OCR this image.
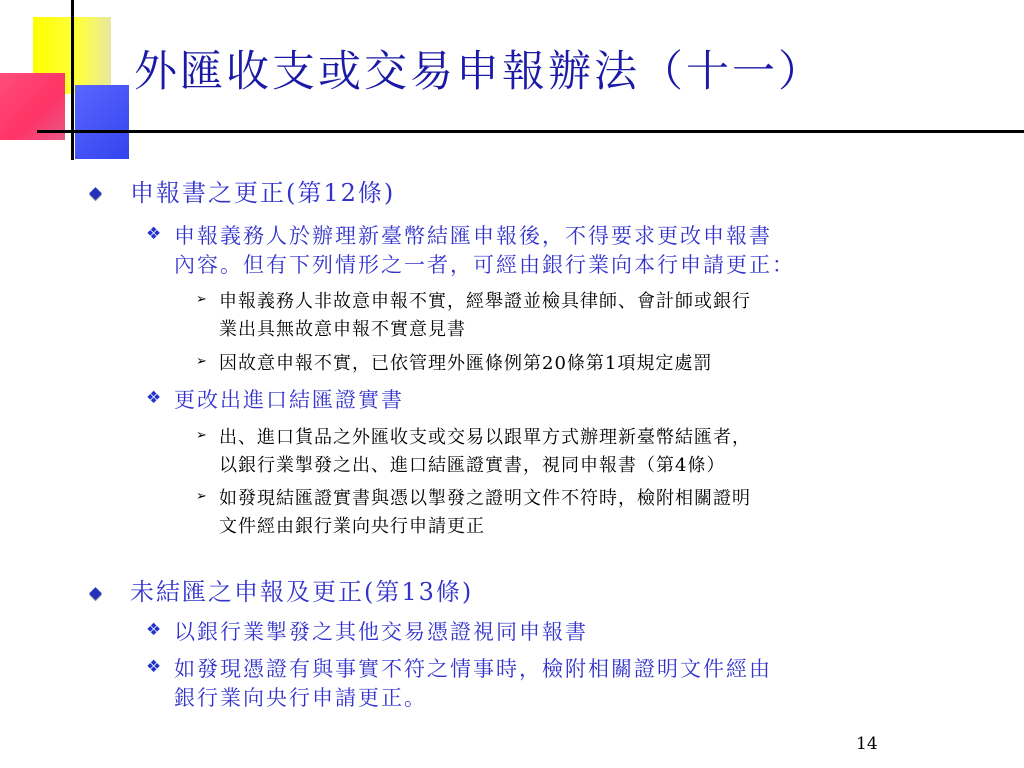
外匯收支或交易申報辦法（十一）

申報書之更正(第12條)

❖ 申報義務人於辦理新臺幣結匯申報後，不得要求更改申報書

內容。但有下列情形之一者，可經由銀行業向本行申請更正：

➢ 申報義務人非故意申報不實，經舉證並檢具律師、會計師或銀行

業出具無故意申報不實意見書

➢ 因故意申報不實，已依管理外匯條例第20條第1項規定處罰

❖ 更改出進口結匯證實書

➢ 出、進口貨品之外匯收支或交易以跟單方式辦理新臺幣結匯者，

以銀行業掣發之出、進口結匯證實書，視同申報書（第4條）

➢ 如發現結匯證實書與憑以掣發之證明文件不符時，檢附相關證明

文件經由銀行業向央行申請更正

未結匯之申報及更正(第13條)

❖ 以銀行業掣發之其他交易憑證視同申報書

❖ 如發現憑證有與事實不符之情事時，檢附相關證明文件經由

銀行業向央行申請更正。

14
